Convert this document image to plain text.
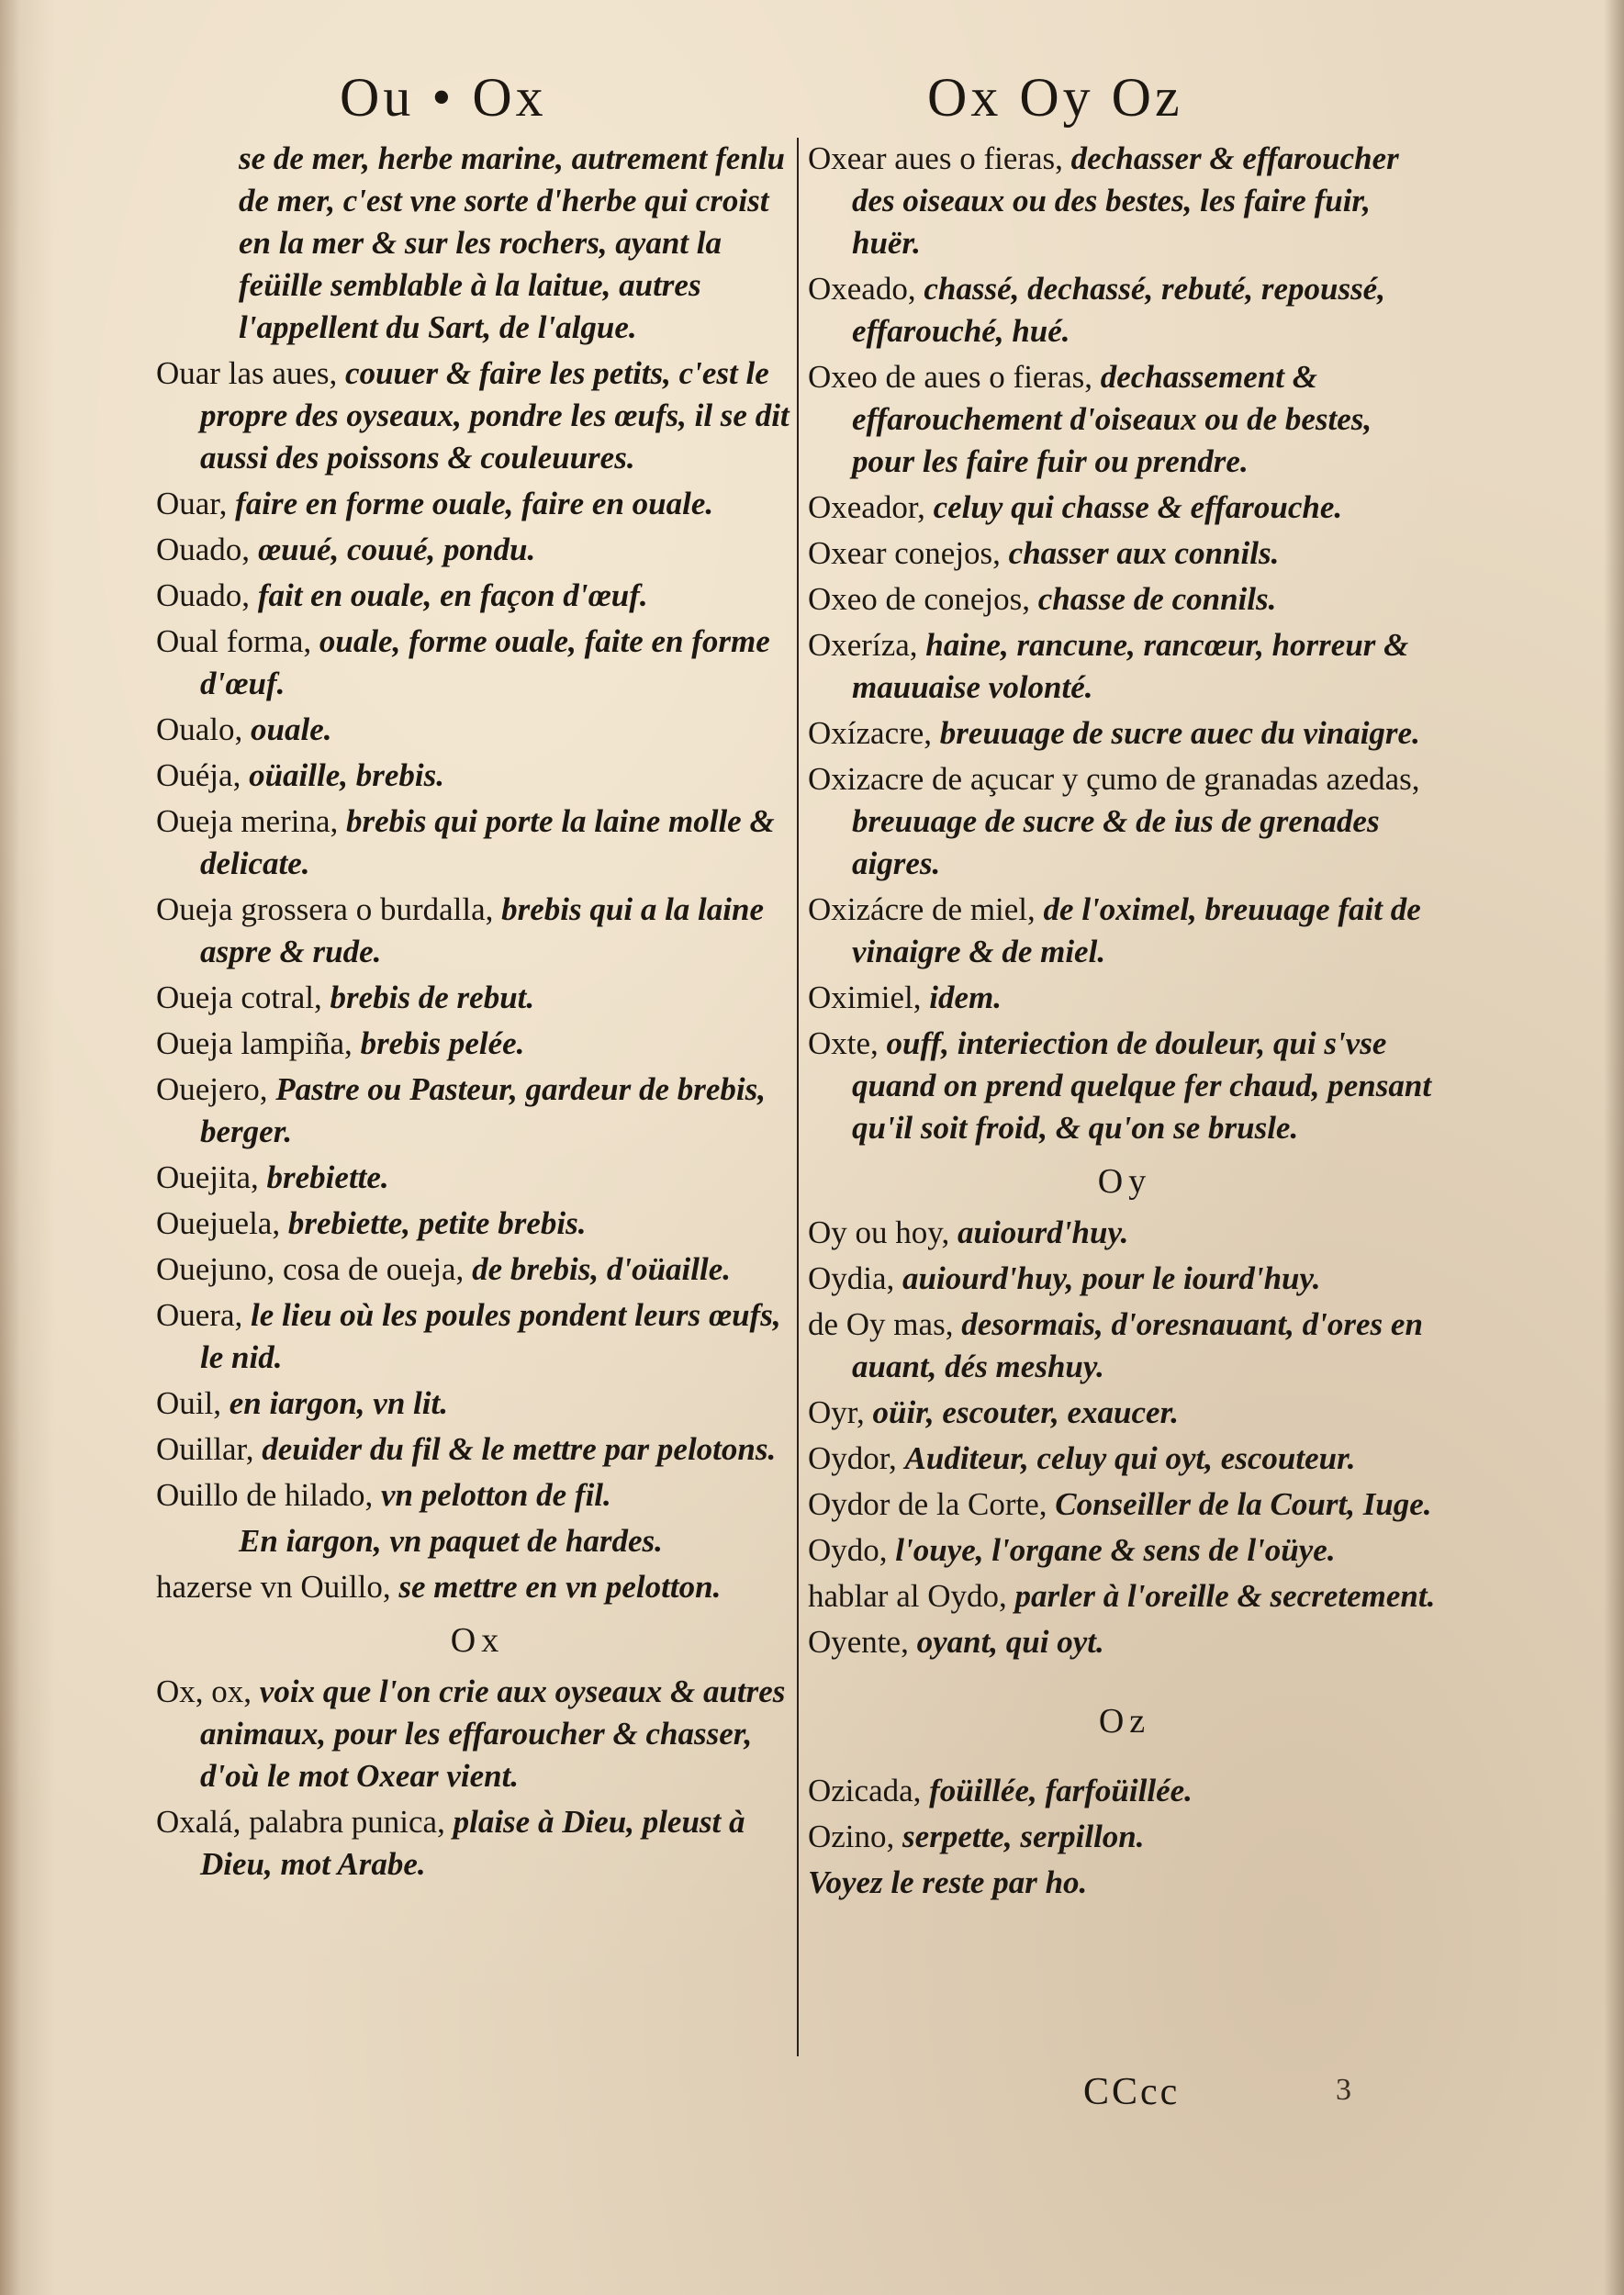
Ou • Ox	Ox Oy Oz
se de mer, herbe marine, autrement fenlu de mer, c'est vne sorte d'herbe qui croist en la mer & sur les rochers, ayant la feüille semblable à la laitue, autres l'appellent du Sart, de l'algue.
Ouar las aues, couuer & faire les petits, c'est le propre des oyseaux, pondre les œufs, il se dit aussi des poissons & couleuures.
Ouar, faire en forme ouale, faire en ouale.
Ouado, œuué, couué, pondu.
Ouado, fait en ouale, en façon d'œuf.
Oual forma, ouale, forme ouale, faite en forme d'œuf.
Oualo, ouale.
Ouéja, oüaille, brebis.
Oueja merina, brebis qui porte la laine molle & delicate.
Oueja grossera o burdalla, brebis qui a la laine aspre & rude.
Oueja cotral, brebis de rebut.
Oueja lampiña, brebis pelée.
Ouejero, Pastre ou Pasteur, gardeur de brebis, berger.
Ouejita, brebiette.
Ouejuela, brebiette, petite brebis.
Ouejuno, cosa de oueja, de brebis, d'oüaille.
Ouera, le lieu où les poules pondent leurs œufs, le nid.
Ouil, en iargon, vn lit.
Ouillar, deuider du fil & le mettre par pelotons.
Ouillo de hilado, vn pelotton de fil.
En iargon, vn paquet de hardes.
hazerse vn Ouillo, se mettre en vn pelotton.
Ox
Ox, ox, voix que l'on crie aux oyseaux & autres animaux, pour les effaroucher & chasser, d'où le mot Oxear vient.
Oxalá, palabra punica, plaise à Dieu, pleust à Dieu, mot Arabe.
Oxear aues o fieras, dechasser & effaroucher des oiseaux ou des bestes, les faire fuir, huër.
Oxeado, chassé, dechassé, rebuté, repoussé, effarouché, hué.
Oxeo de aues o fieras, dechassement & effarouchement d'oiseaux ou de bestes, pour les faire fuir ou prendre.
Oxeador, celuy qui chasse & effarouche.
Oxear conejos, chasser aux connils.
Oxeo de conejos, chasse de connils.
Oxeríza, haine, rancune, rancœur, horreur & mauuaise volonté.
Oxízacre, breuuage de sucre auec du vinaigre.
Oxizacre de açucar y çumo de granadas azedas, breuuage de sucre & de ius de grenades aigres.
Oxizácre de miel, de l'oximel, breuuage fait de vinaigre & de miel.
Oximiel, idem.
Oxte, ouff, interiection de douleur, qui s'vse quand on prend quelque fer chaud, pensant qu'il soit froid, & qu'on se brusle.
Oy
Oy ou hoy, auiourd'huy.
Oydia, auiourd'huy, pour le iourd'huy.
de Oy mas, desormais, d'oresnauant, d'ores en auant, dés meshuy.
Oyr, oüir, escouter, exaucer.
Oydor, Auditeur, celuy qui oyt, escouteur.
Oydor de la Corte, Conseiller de la Court, Iuge.
Oydo, l'ouye, l'organe & sens de l'oüye.
hablar al Oydo, parler à l'oreille & secretement.
Oyente, oyant, qui oyt.
Oz
Ozicada, foüillée, farfoüillée.
Ozino, serpette, serpillon.
Voyez le reste par ho.
CCcc	3
